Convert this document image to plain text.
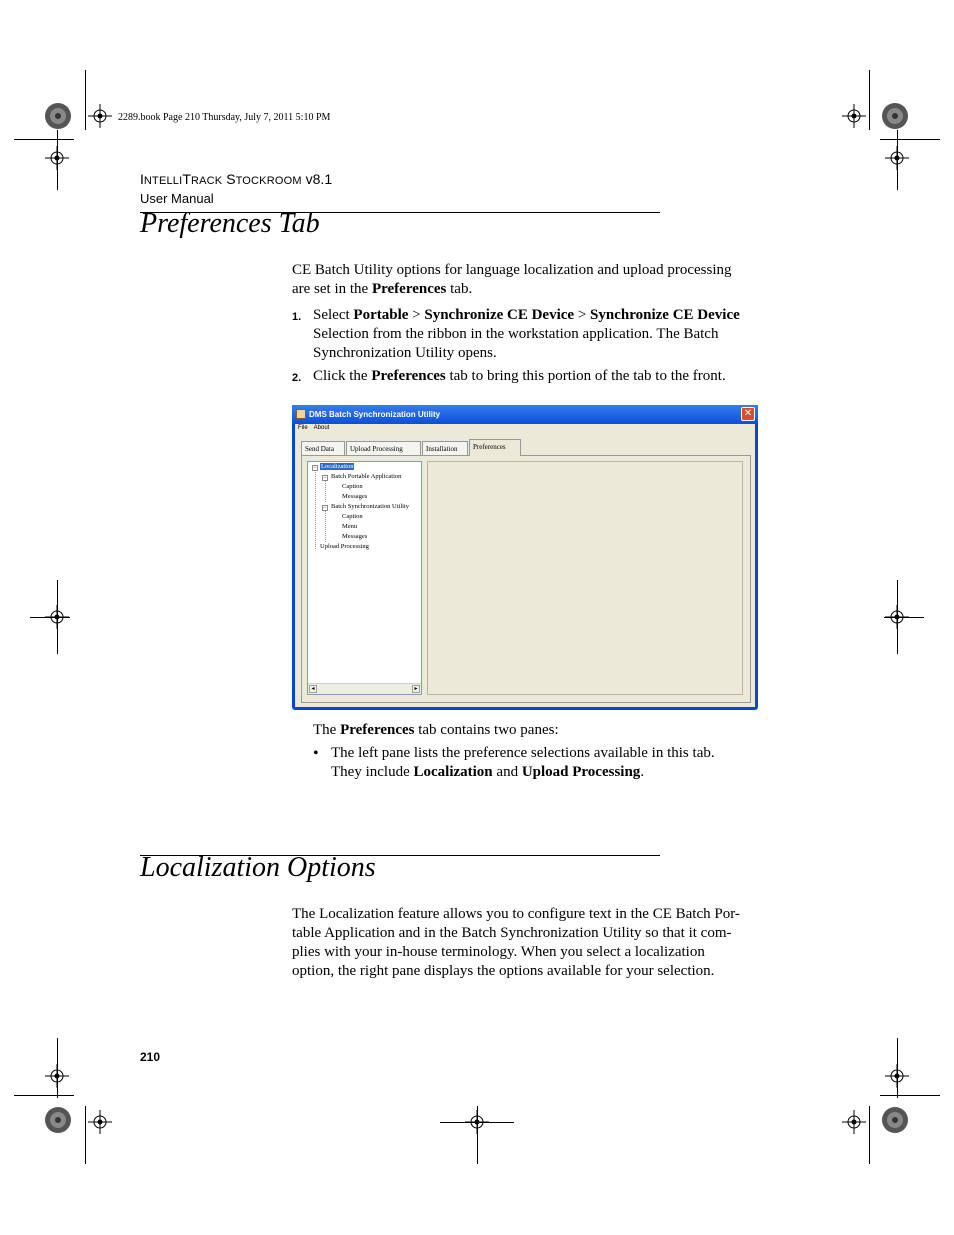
2289.book Page 210 Thursday, July 7, 2011 5:10 PM
INTELLITRACK STOCKROOM v8.1
User Manual
Preferences Tab

CE Batch Utility options for language localization and upload processing

are set in the Preferences tab.

1. Select Portable > Synchronize CE Device > Synchronize CE Device

Selection from the ribbon in the workstation application. The Batch

Synchronization Utility opens.

2. Click the Preferences tab to bring this portion of the tab to the front.

DMS Batch Synchronization Utility	✕
File About
Send Data	Upload Processing	Installation	Preferences
− Localization
− Batch Portable Application
Caption
Messages
− Batch Synchronization Utility
Caption
Menu
Messages
Upload Processing
◂	▸

The Preferences tab contains two panes:

• The left pane lists the preference selections available in this tab.

They include Localization and Upload Processing.

Localization Options

The Localization feature allows you to configure text in the CE Batch Por-

table Application and in the Batch Synchronization Utility so that it com-

plies with your in-house terminology. When you select a localization

option, the right pane displays the options available for your selection.

210
